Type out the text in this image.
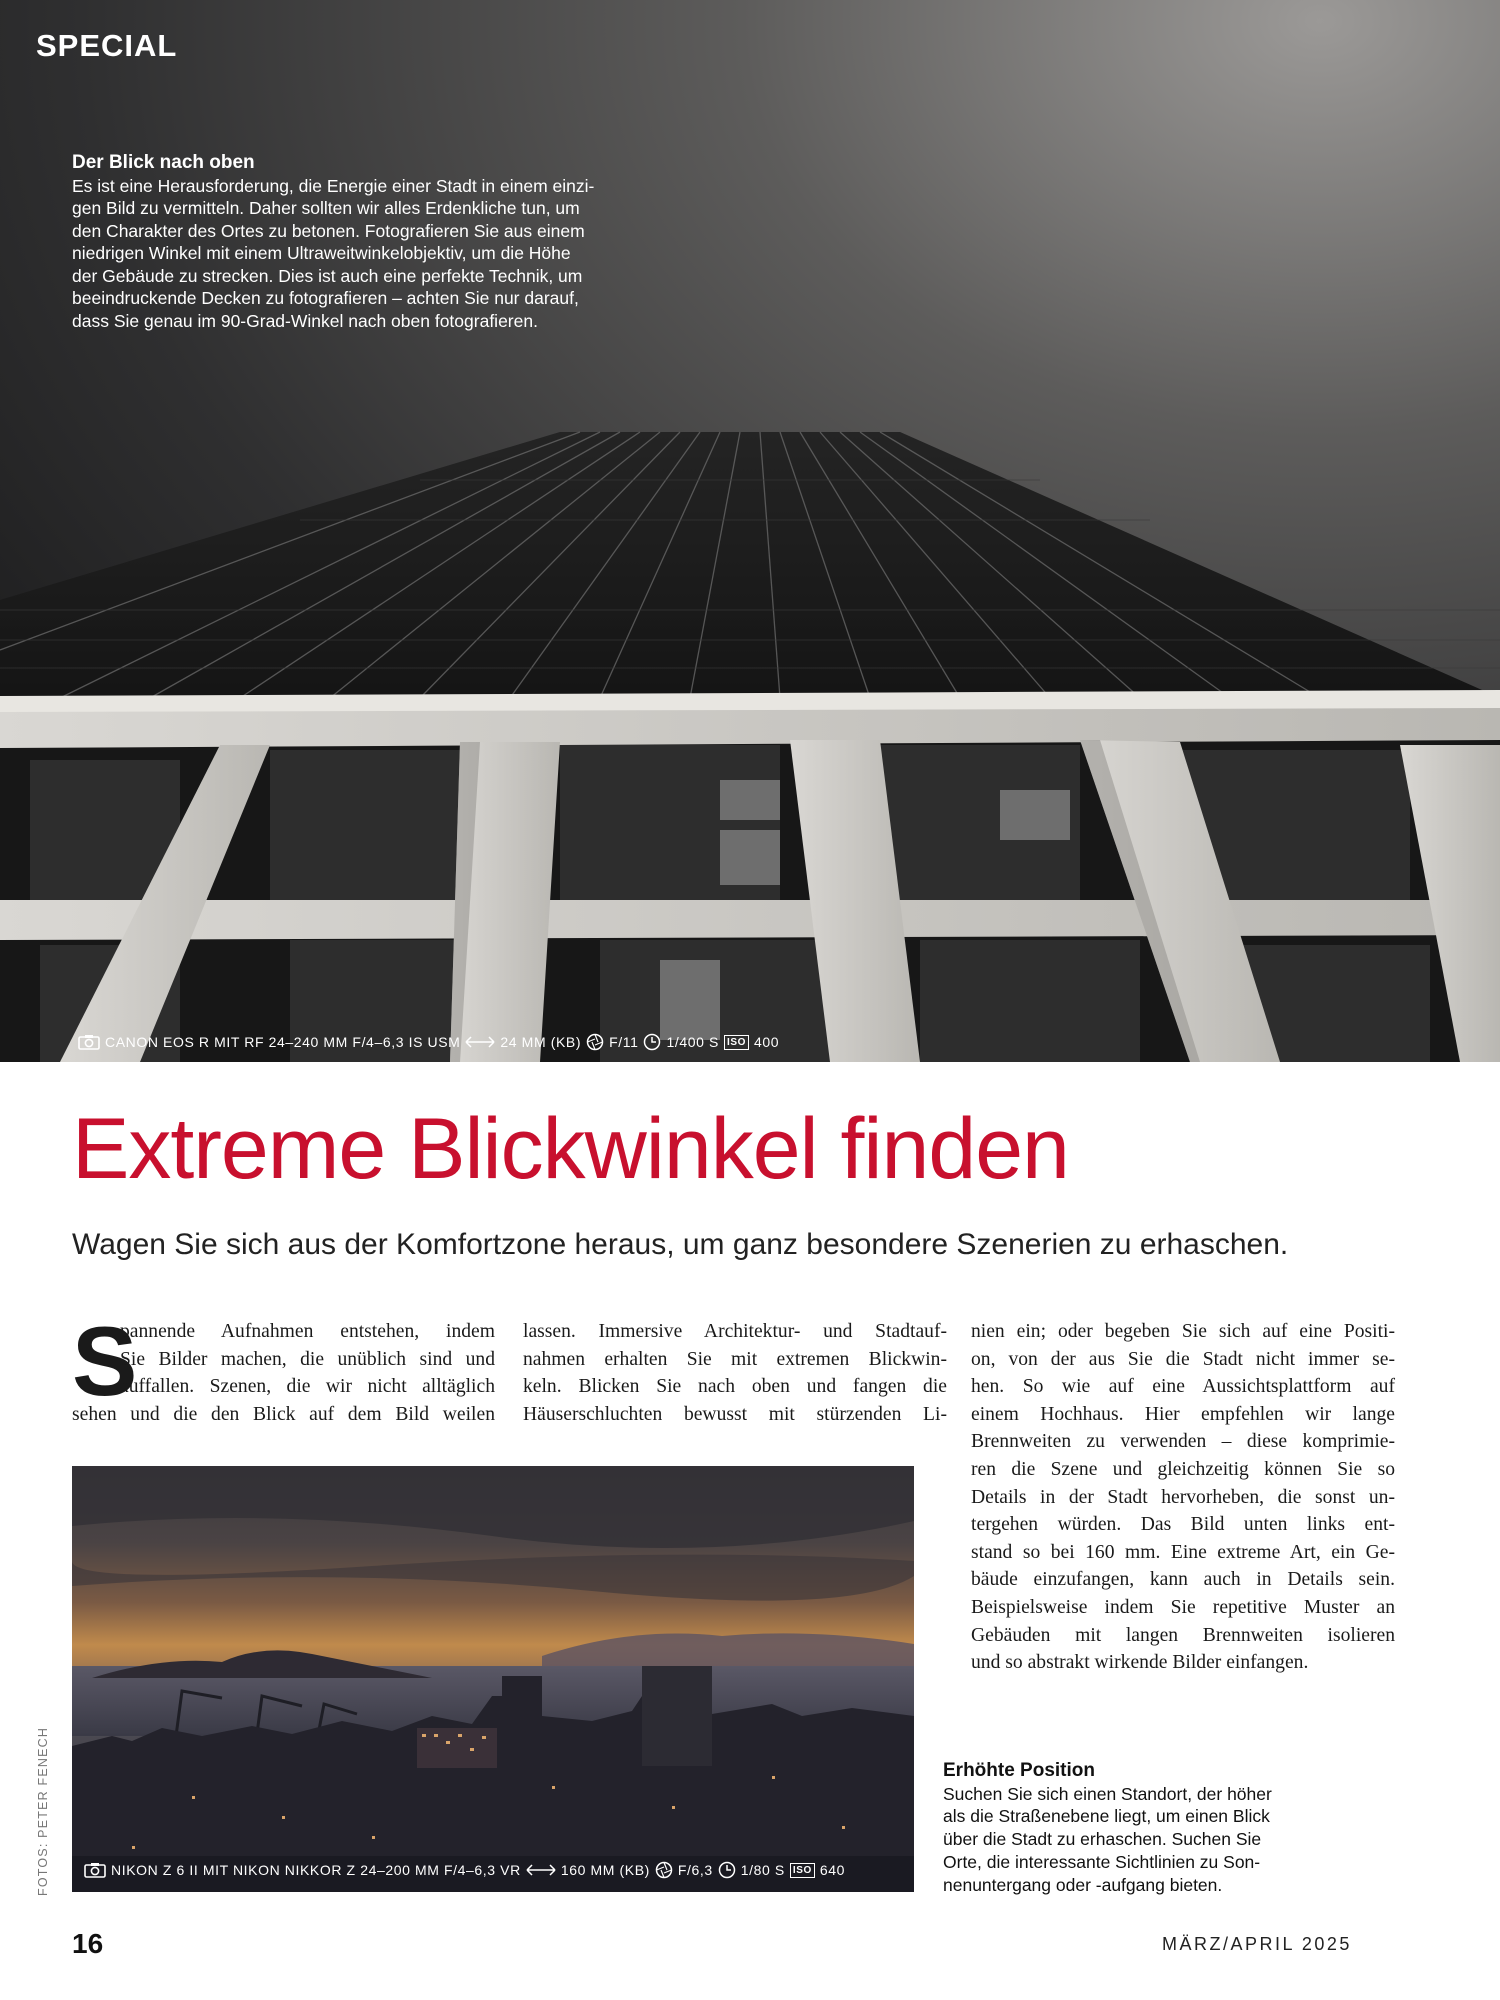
SPECIAL
Der Blick nach oben
Es ist eine Herausforderung, die Energie einer Stadt in einem einzi-
gen Bild zu vermitteln. Daher sollten wir alles Erdenkliche tun, um
den Charakter des Ortes zu betonen. Fotografieren Sie aus einem
niedrigen Winkel mit einem Ultraweitwinkelobjektiv, um die Höhe
der Gebäude zu strecken. Dies ist auch eine perfekte Technik, um
beeindruckende Decken zu fotografieren – achten Sie nur darauf,
dass Sie genau im 90-Grad-Winkel nach oben fotografieren.
CANON EOS R MIT RF 24–240 MM F/4–6,3 IS USM	24 MM (KB) F/11 1/400 S ISO 400
Extreme Blickwinkel finden
Wagen Sie sich aus der Komfortzone heraus, um ganz besondere Szenerien zu erhaschen.
S
pannende Aufnahmen entstehen, indem
Sie Bilder machen, die unüblich sind und
auffallen. Szenen, die wir nicht alltäglich
sehen und die den Blick auf dem Bild weilen
lassen. Immersive Architektur- und Stadtauf-
nahmen erhalten Sie mit extremen Blickwin-
keln. Blicken Sie nach oben und fangen die
Häuserschluchten bewusst mit stürzenden Li-
nien ein; oder begeben Sie sich auf eine Positi-
on, von der aus Sie die Stadt nicht immer se-
hen. So wie auf eine Aussichtsplattform auf
einem Hochhaus. Hier empfehlen wir lange
Brennweiten zu verwenden – diese komprimie-
ren die Szene und gleichzeitig können Sie so
Details in der Stadt hervorheben, die sonst un-
tergehen würden. Das Bild unten links ent-
stand so bei 160 mm. Eine extreme Art, ein Ge-
bäude einzufangen, kann auch in Details sein.
Beispielsweise indem Sie repetitive Muster an
Gebäuden mit langen Brennweiten isolieren
und so abstrakt wirkende Bilder einfangen.
NIKON Z 6 II MIT NIKON NIKKOR Z 24–200 MM F/4–6,3 VR	160 MM (KB) F/6,3 1/80 S ISO 640
Erhöhte Position
Suchen Sie sich einen Standort, der höher
als die Straßenebene liegt, um einen Blick
über die Stadt zu erhaschen. Suchen Sie
Orte, die interessante Sichtlinien zu Son-
nenuntergang oder -aufgang bieten.
FOTOS: PETER FENECH
16	MÄRZ/APRIL 2025
